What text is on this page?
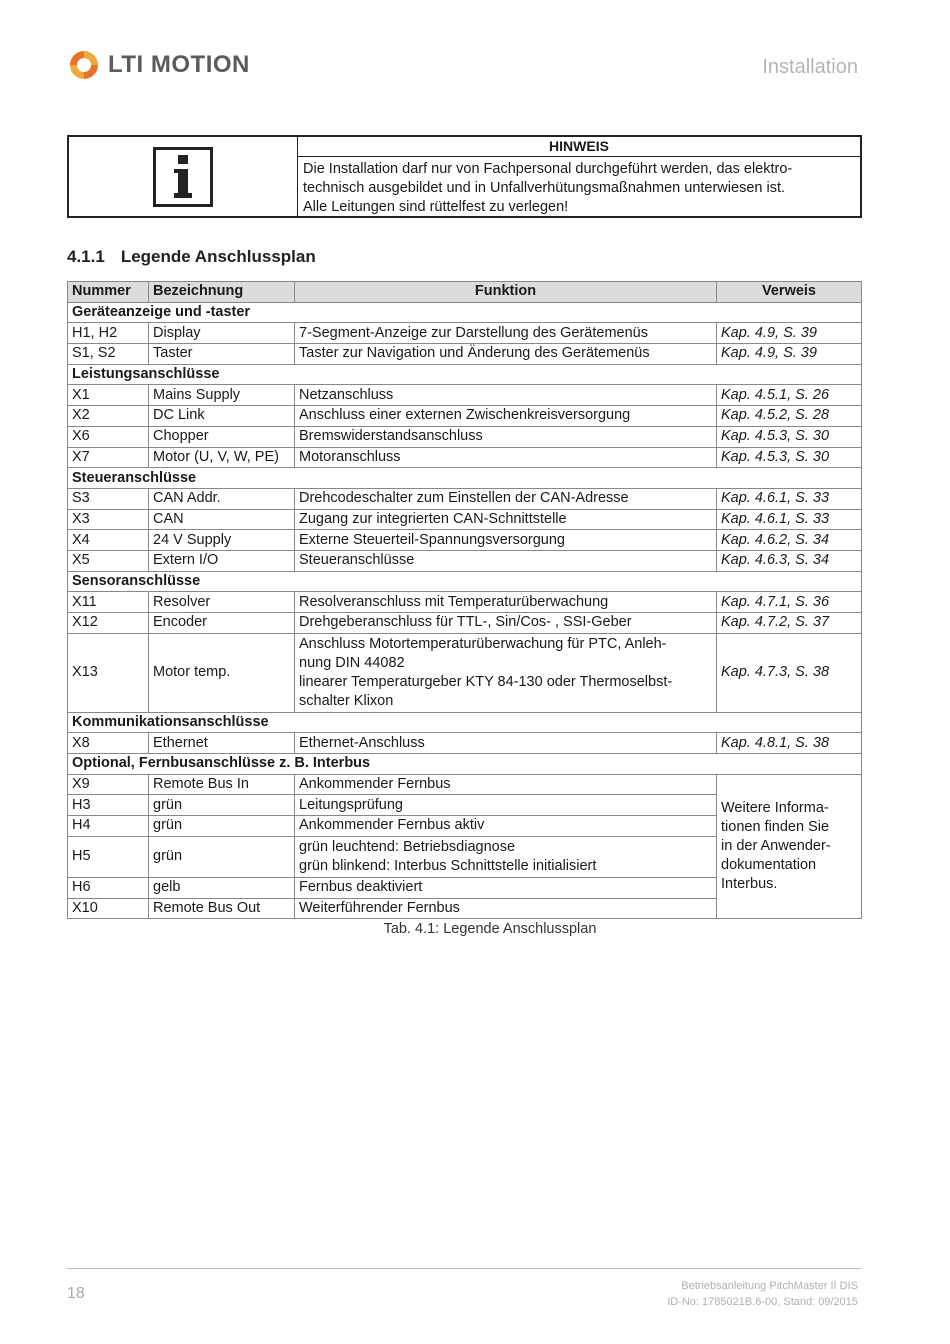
LTI MOTION	Installation
HINWEIS
Die Installation darf nur von Fachpersonal durchgeführt werden, das elektro-
technisch ausgebildet und in Unfallverhütungsmaßnahmen unterwiesen ist.
Alle Leitungen sind rüttelfest zu verlegen!
4.1.1 Legende Anschlussplan
Nummer	Bezeichnung	Funktion	Verweis
Geräteanzeige und -taster			
H1, H2	Display	7-Segment-Anzeige zur Darstellung des Gerätemenüs	Kap. 4.9, S. 39
S1, S2	Taster	Taster zur Navigation und Änderung des Gerätemenüs	Kap. 4.9, S. 39
Leistungsanschlüsse			
X1	Mains Supply	Netzanschluss	Kap. 4.5.1, S. 26
X2	DC Link	Anschluss einer externen Zwischenkreisversorgung	Kap. 4.5.2, S. 28
X6	Chopper	Bremswiderstandsanschluss	Kap. 4.5.3, S. 30
X7	Motor (U, V, W, PE)	Motoranschluss	Kap. 4.5.3, S. 30
Steueranschlüsse			
S3	CAN Addr.	Drehcodeschalter zum Einstellen der CAN-Adresse	Kap. 4.6.1, S. 33
X3	CAN	Zugang zur integrierten CAN-Schnittstelle	Kap. 4.6.1, S. 33
X4	24 V Supply	Externe Steuerteil-Spannungsversorgung	Kap. 4.6.2, S. 34
X5	Extern I/O	Steueranschlüsse	Kap. 4.6.3, S. 34
Sensoranschlüsse			
X11	Resolver	Resolveranschluss mit Temperaturüberwachung	Kap. 4.7.1, S. 36
X12	Encoder	Drehgeberanschluss für TTL-, Sin/Cos- , SSI-Geber	Kap. 4.7.2, S. 37
X13	Motor temp.	Anschluss Motortemperaturüberwachung für PTC, Anleh-
nung DIN 44082
linearer Temperaturgeber KTY 84-130 oder Thermoselbst-
schalter Klixon	Kap. 4.7.3, S. 38
Kommunikationsanschlüsse			
X8	Ethernet	Ethernet-Anschluss	Kap. 4.8.1, S. 38
Optional, Fernbusanschlüsse z. B. Interbus			
X9	Remote Bus In	Ankommender Fernbus	Weitere Informa-
tionen finden Sie
in der Anwender-
dokumentation
Interbus.

H3	grün	Leitungsprüfung	
H4	grün	Ankommender Fernbus aktiv	
H5	grün	grün leuchtend: Betriebsdiagnose
grün blinkend: Interbus Schnittstelle initialisiert	

H6	gelb	Fernbus deaktiviert	
X10	Remote Bus Out	Weiterführender Fernbus	
Tab. 4.1: Legende Anschlussplan
18	Betriebsanleitung PitchMaster II DIS
ID-No: 1785021B.6-00, Stand: 09/2015
